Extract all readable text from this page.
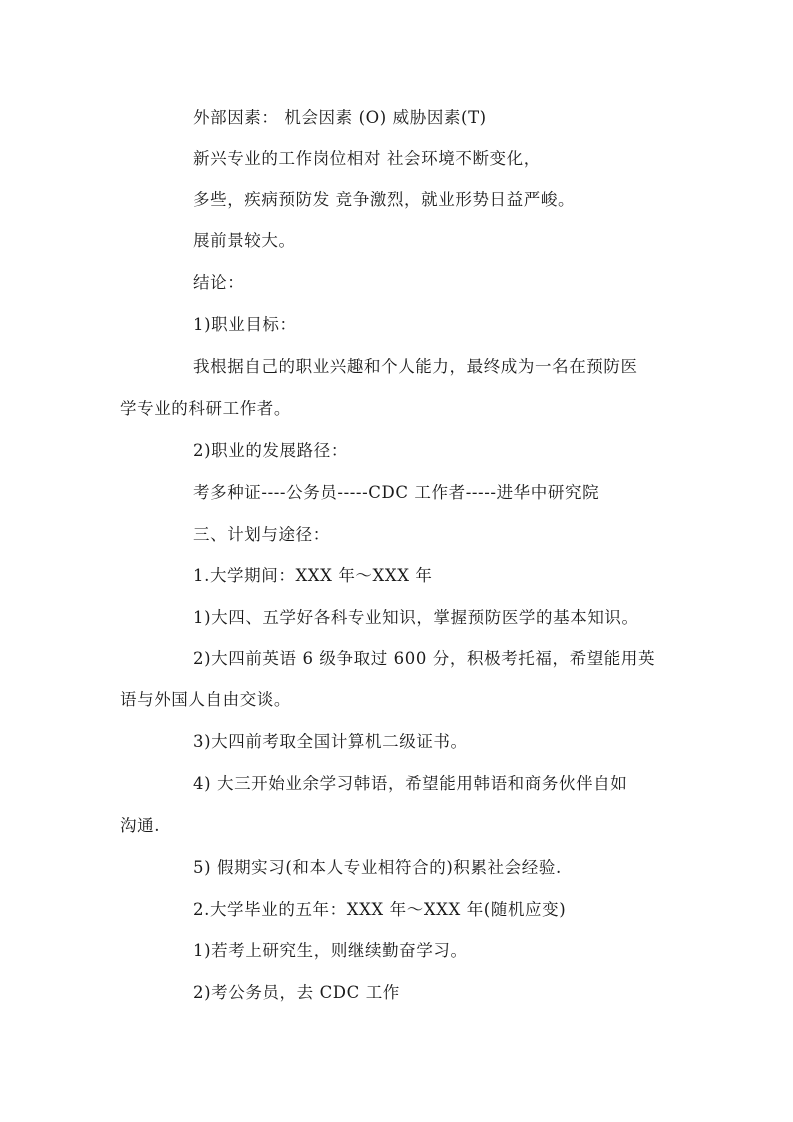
外部因素： 机会因素 (O) 威胁因素(T)

新兴专业的工作岗位相对 社会环境不断变化，

多些，疾病预防发 竞争激烈，就业形势日益严峻。

展前景较大。

结论：

1)职业目标：

我根据自己的职业兴趣和个人能力，最终成为一名在预防医

学专业的科研工作者。

2)职业的发展路径：

考多种证----公务员-----CDC 工作者-----进华中研究院

三、计划与途径：

1.大学期间：XXX 年～XXX 年

1)大四、五学好各科专业知识，掌握预防医学的基本知识。

2)大四前英语 6 级争取过 600 分，积极考托福，希望能用英

语与外国人自由交谈。

3)大四前考取全国计算机二级证书。

4) 大三开始业余学习韩语，希望能用韩语和商务伙伴自如

沟通.

5) 假期实习(和本人专业相符合的)积累社会经验.

2.大学毕业的五年：XXX 年～XXX 年(随机应变)

1)若考上研究生，则继续勤奋学习。

2)考公务员，去 CDC 工作
